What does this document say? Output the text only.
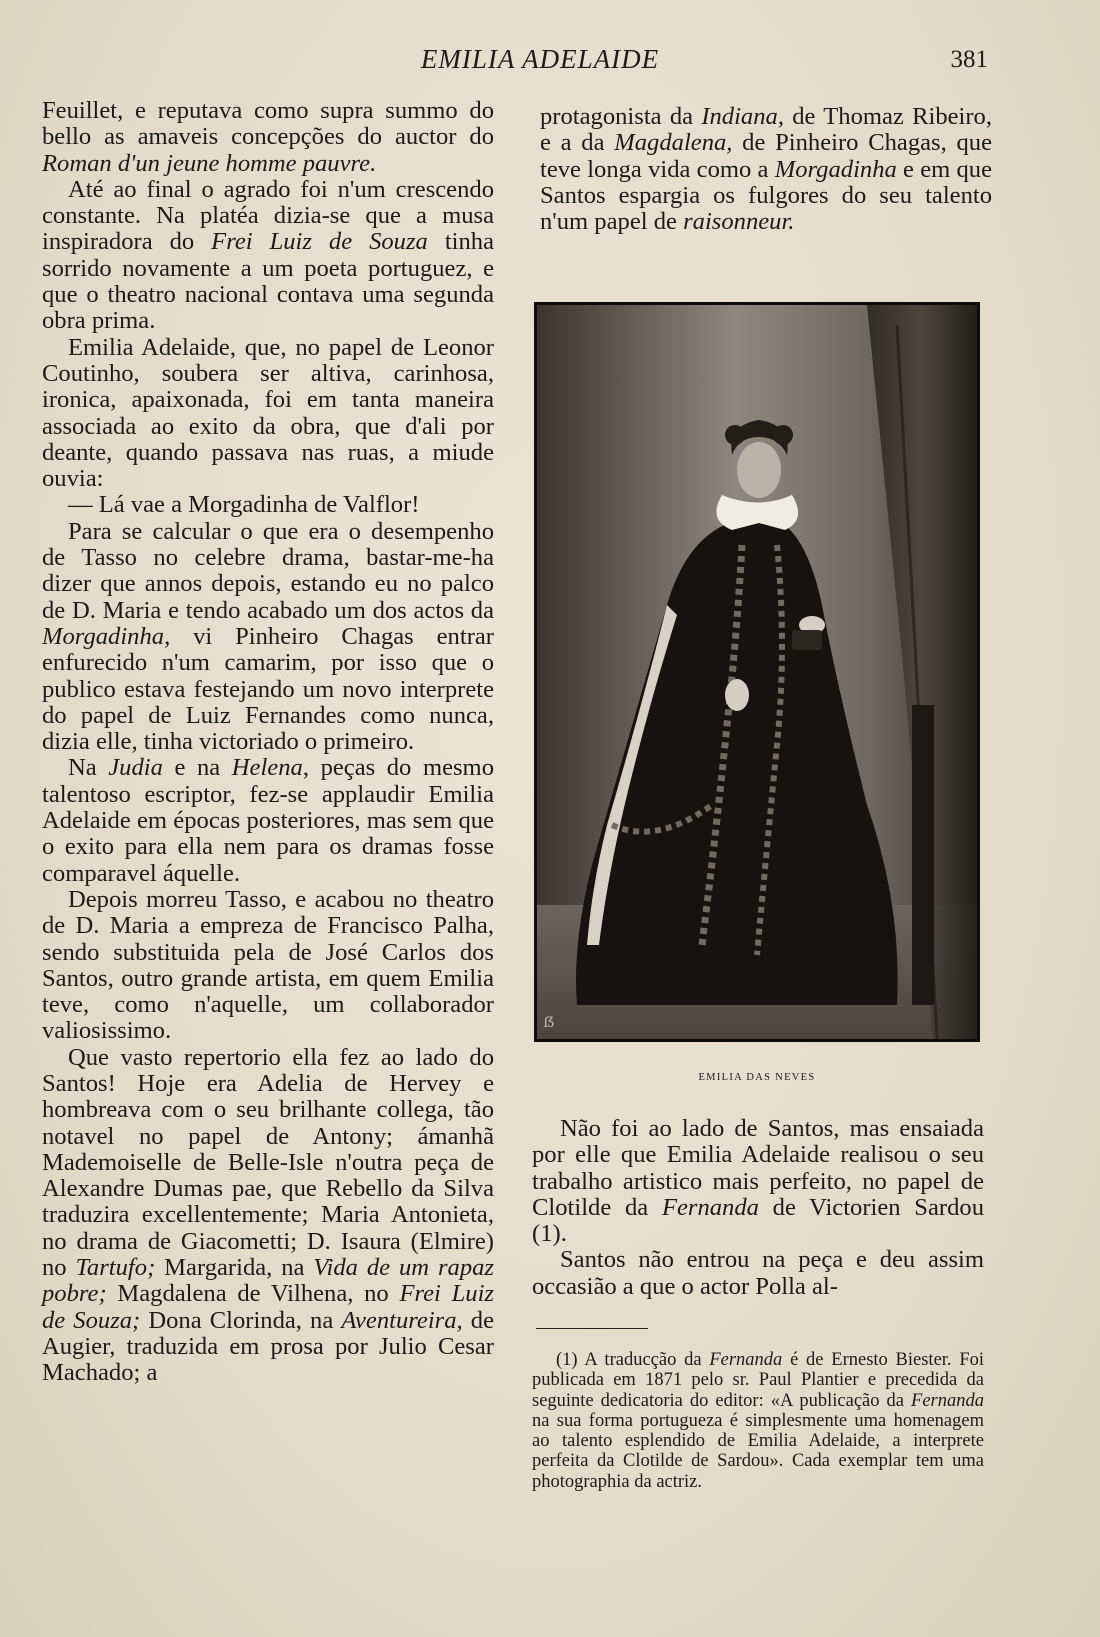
EMILIA ADELAIDE	381

Feuillet, e reputava como supra summo do bello as amaveis concepções do auctor do Roman d'un jeune homme pauvre.

Até ao final o agrado foi n'um crescendo constante. Na platéa dizia-se que a musa inspiradora do Frei Luiz de Souza tinha sorrido novamente a um poeta portuguez, e que o theatro nacional contava uma segunda obra prima.

Emilia Adelaide, que, no papel de Leonor Coutinho, soubera ser altiva, carinhosa, ironica, apaixonada, foi em tanta maneira associada ao exito da obra, que d'ali por deante, quando passava nas ruas, a miude ouvia:

— Lá vae a Morgadinha de Valflor!

Para se calcular o que era o desempenho de Tasso no celebre drama, bastar-me-ha dizer que annos depois, estando eu no palco de D. Maria e tendo acabado um dos actos da Morgadinha, vi Pinheiro Chagas entrar enfurecido n'um camarim, por isso que o publico estava festejando um novo interprete do papel de Luiz Fernandes como nunca, dizia elle, tinha victoriado o primeiro.

Na Judia e na Helena, peças do mesmo talentoso escriptor, fez-se applaudir Emilia Adelaide em épocas posteriores, mas sem que o exito para ella nem para os dramas fosse comparavel áquelle.

Depois morreu Tasso, e acabou no theatro de D. Maria a empreza de Francisco Palha, sendo substituida pela de José Carlos dos Santos, outro grande artista, em quem Emilia teve, como n'aquelle, um collaborador valiosissimo.

Que vasto repertorio ella fez ao lado do Santos! Hoje era Adelia de Hervey e hombreava com o seu brilhante collega, tão notavel no papel de Antony; ámanhã Mademoiselle de Belle-Isle n'outra peça de Alexandre Dumas pae, que Rebello da Silva traduzira excellentemente; Maria Antonieta, no drama de Giacometti; D. Isaura (Elmire) no Tartufo; Margarida, na Vida de um rapaz pobre; Magdalena de Vilhena, no Frei Luiz de Souza; Dona Clorinda, na Aventureira, de Augier, traduzida em prosa por Julio Cesar Machado; a

protagonista da Indiana, de Thomaz Ribeiro, e a da Magdalena, de Pinheiro Chagas, que teve longa vida como a Morgadinha e em que Santos espargia os fulgores do seu talento n'um papel de raisonneur.

ẞ
EMILIA DAS NEVES

Não foi ao lado de Santos, mas ensaiada por elle que Emilia Adelaide realisou o seu trabalho artistico mais perfeito, no papel de Clotilde da Fernanda de Victorien Sardou (1).

Santos não entrou na peça e deu assim occasião a que o actor Polla al-

(1) A traducção da Fernanda é de Ernesto Biester. Foi publicada em 1871 pelo sr. Paul Plantier e precedida da seguinte dedicatoria do editor: «A publicação da Fernanda na sua forma portugueza é simplesmente uma homenagem ao talento esplendido de Emilia Adelaide, a interprete perfeita da Clotilde de Sardou». Cada exemplar tem uma photographia da actriz.
